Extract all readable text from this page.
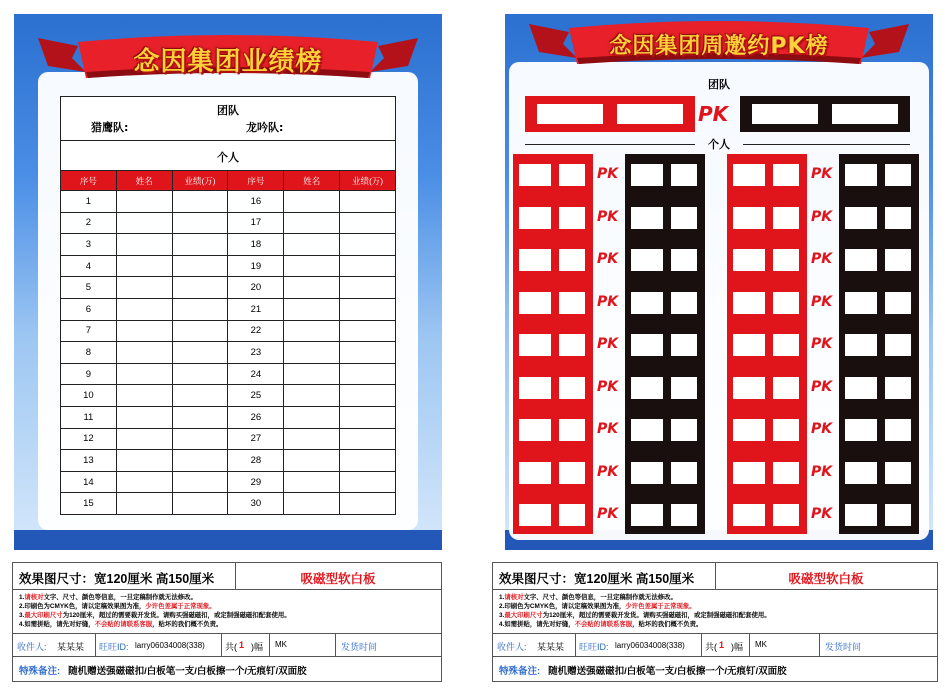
念因集团业绩榜
团队
猎鹰队:	龙吟队:
个人
序号	姓名	业绩(万)	序号	姓名	业绩(万)
1			16		
2			17		
3			18		
4			19		
5			20		
6			21		
7			22		
8			23		
9			24		
10			25		
11			26		
12			27		
13			28		
14			29		
15			30		
念因集团周邀约PK榜
团队
PK
个人
PK
PK
PK
PK
PK
PK
PK
PK
PK
PK
PK
PK
PK
PK
PK
PK
PK
PK
效果图尺寸：宽120厘米 高150厘米	吸磁型软白板
1.请核对文字、尺寸、颜色等信息，一旦定稿制作就无法修改。
2.印刷色为CMYK色，请以定稿效果图为准，少许色差属于正常现象。
3.最大印刷尺寸为120厘米，超过的需要裁开发货。请购买强磁磁扣，或定制强磁磁扣配套使用。
4.如需拼贴，请先对好缝，不会贴的请联系客服，贴坏的我们概不负责。
收件人: 某某某 旺旺ID: larry06034008(338) 共( 1 )幅 MK	发货时间
特殊备注: 随机赠送强磁磁扣/白板笔一支/白板擦一个/无痕钉/双面胶
效果图尺寸：宽120厘米 高150厘米	吸磁型软白板
1.请核对文字、尺寸、颜色等信息，一旦定稿制作就无法修改。
2.印刷色为CMYK色，请以定稿效果图为准，少许色差属于正常现象。
3.最大印刷尺寸为120厘米，超过的需要裁开发货。请购买强磁磁扣，或定制强磁磁扣配套使用。
4.如需拼贴，请先对好缝，不会贴的请联系客服，贴坏的我们概不负责。
收件人: 某某某 旺旺ID: larry06034008(338) 共( 1 )幅 MK	发货时间
特殊备注: 随机赠送强磁磁扣/白板笔一支/白板擦一个/无痕钉/双面胶
